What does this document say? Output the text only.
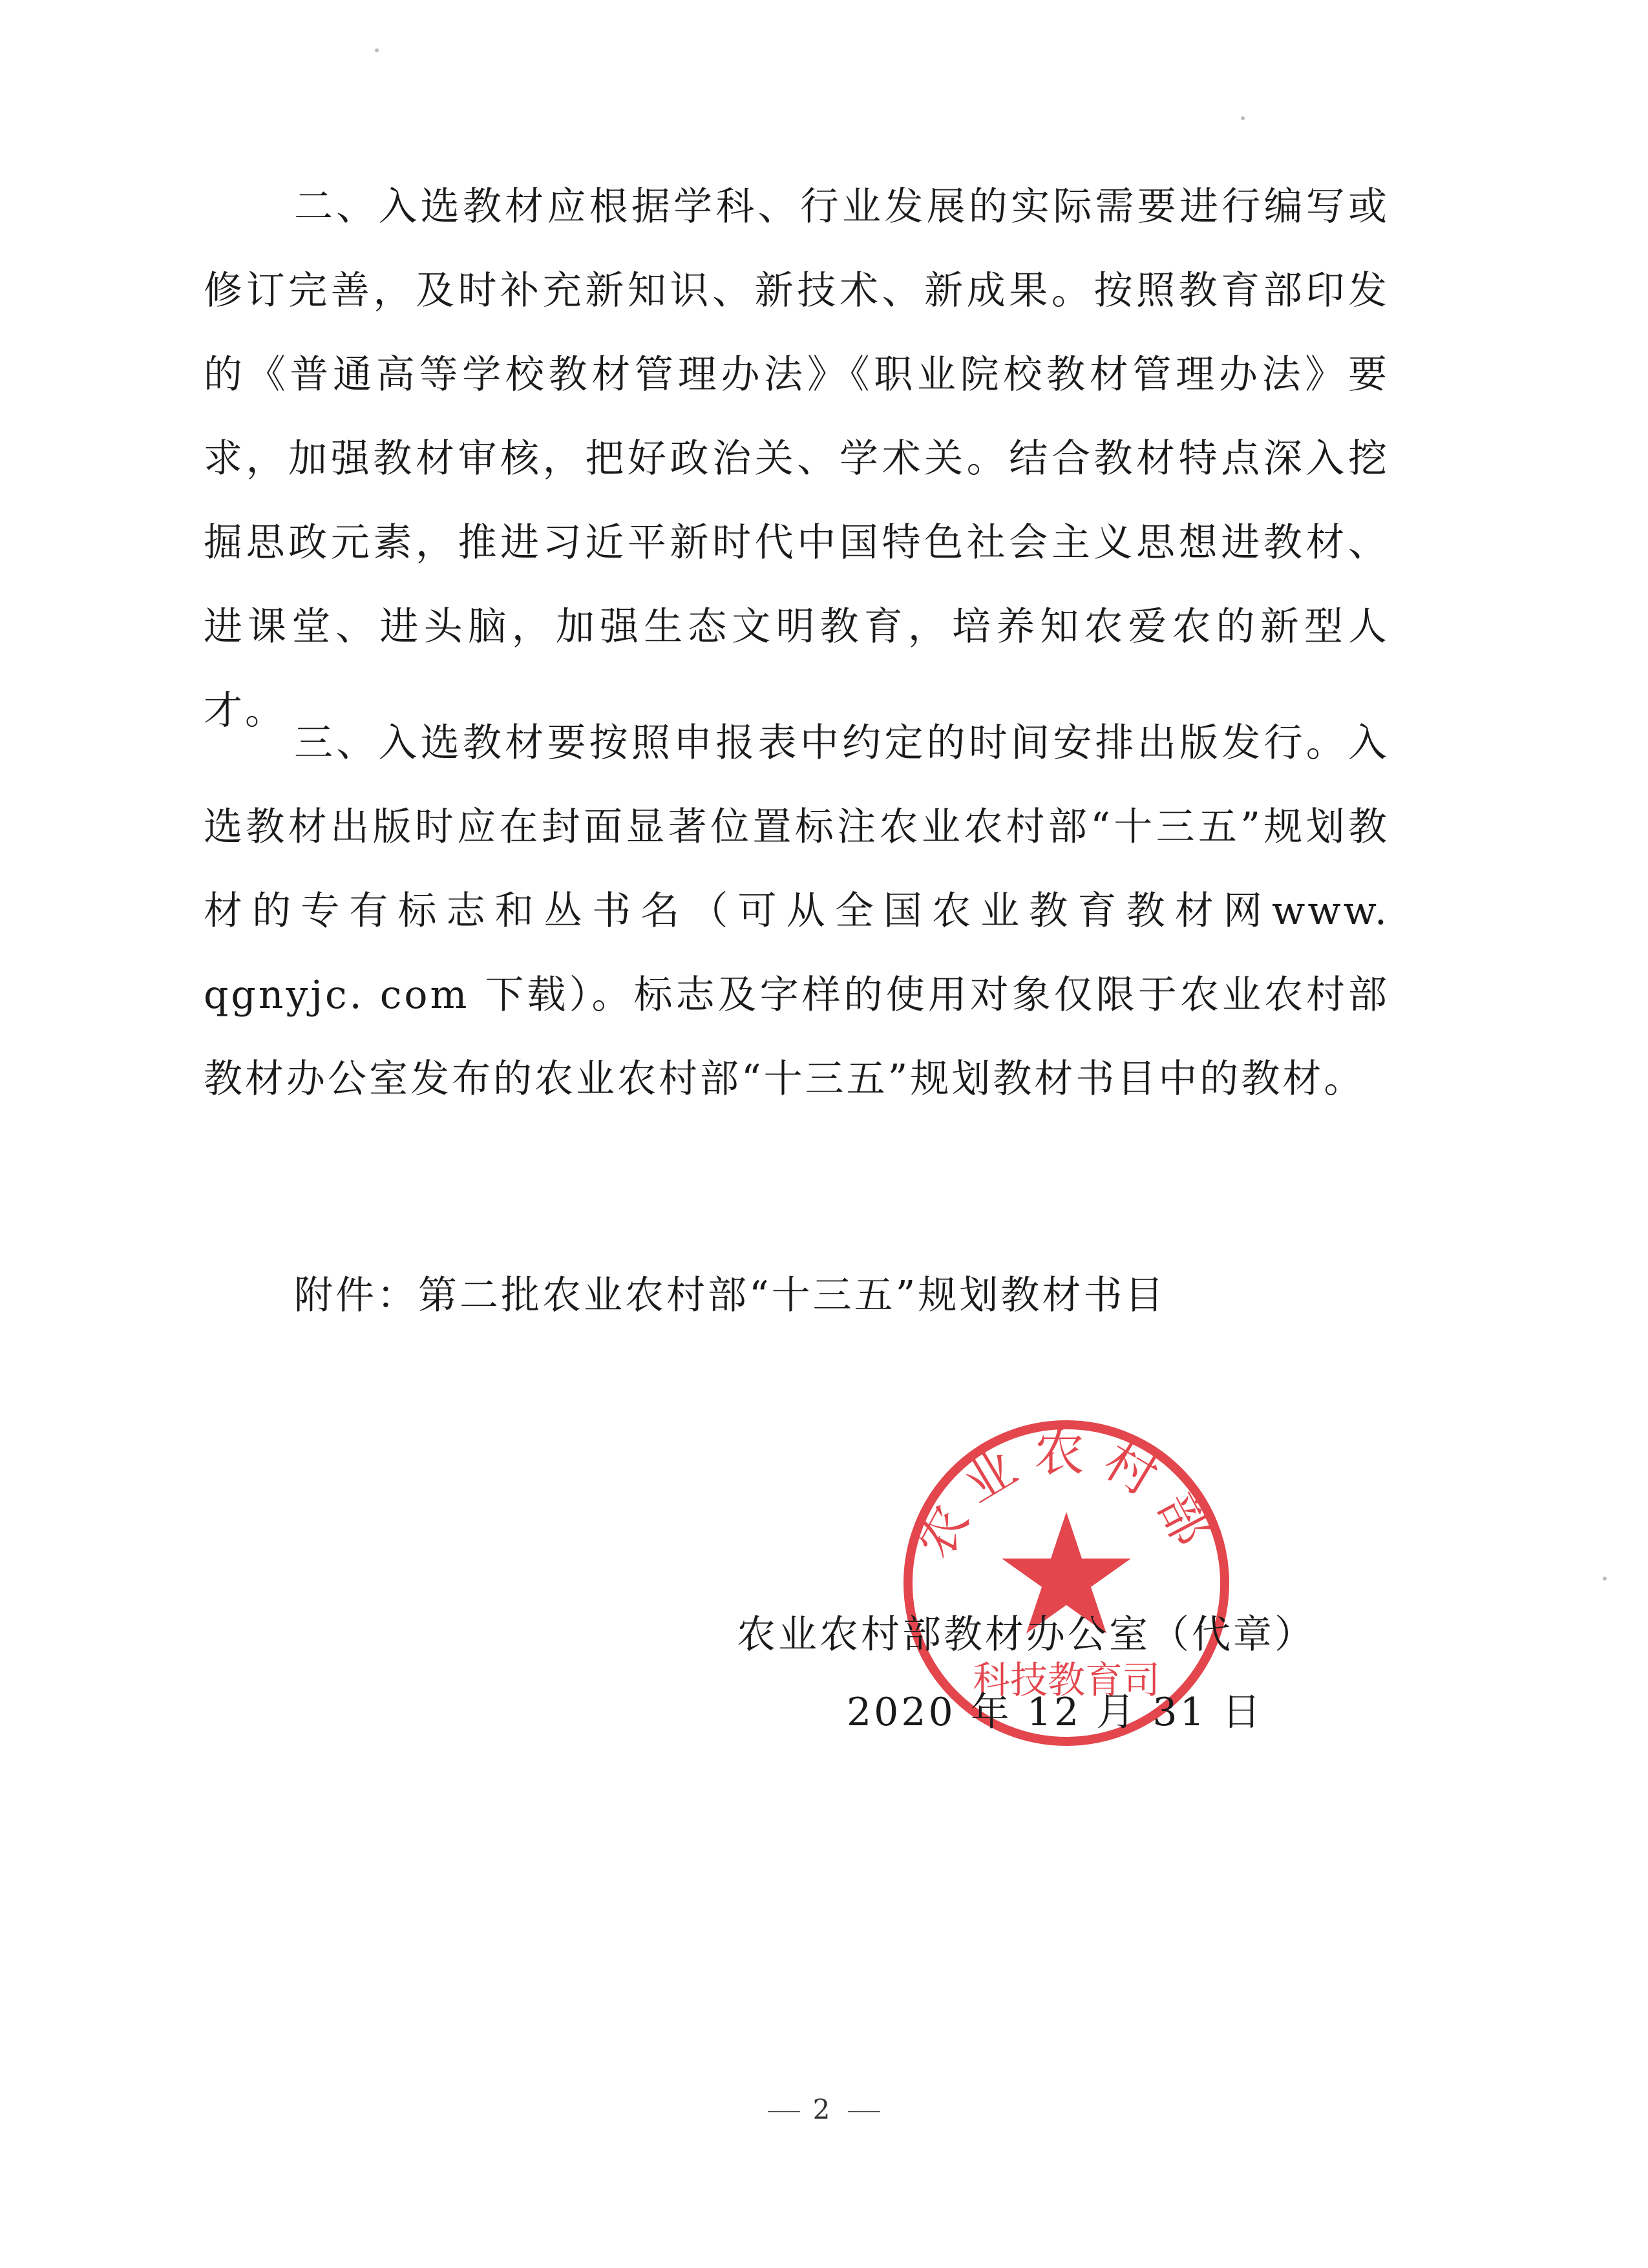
二、入选教材应根据学科、行业发展的实际需要进行编写或修订完善，及时补充新知识、新技术、新成果。按照教育部印发的《普通高等学校教材管理办法》《职业院校教材管理办法》要求，加强教材审核，把好政治关、学术关。结合教材特点深入挖掘思政元素，推进习近平新时代中国特色社会主义思想进教材、进课堂、进头脑，加强生态文明教育，培养知农爱农的新型人才。

三、入选教材要按照申报表中约定的时间安排出版发行。入选教材出版时应在封面显著位置标注农业农村部“十三五”规划教材的专有标志和丛书名（可从全国农业教育教材网www. qgnyjc. com 下载）。标志及字样的使用对象仅限于农业农村部教材办公室发布的农业农村部“十三五”规划教材书目中的教材。

附件：第二批农业农村部“十三五”规划教材书目
农业农村部
科技教育司
农业农村部教材办公室（代章）
2020 年 12 月 31 日
2
